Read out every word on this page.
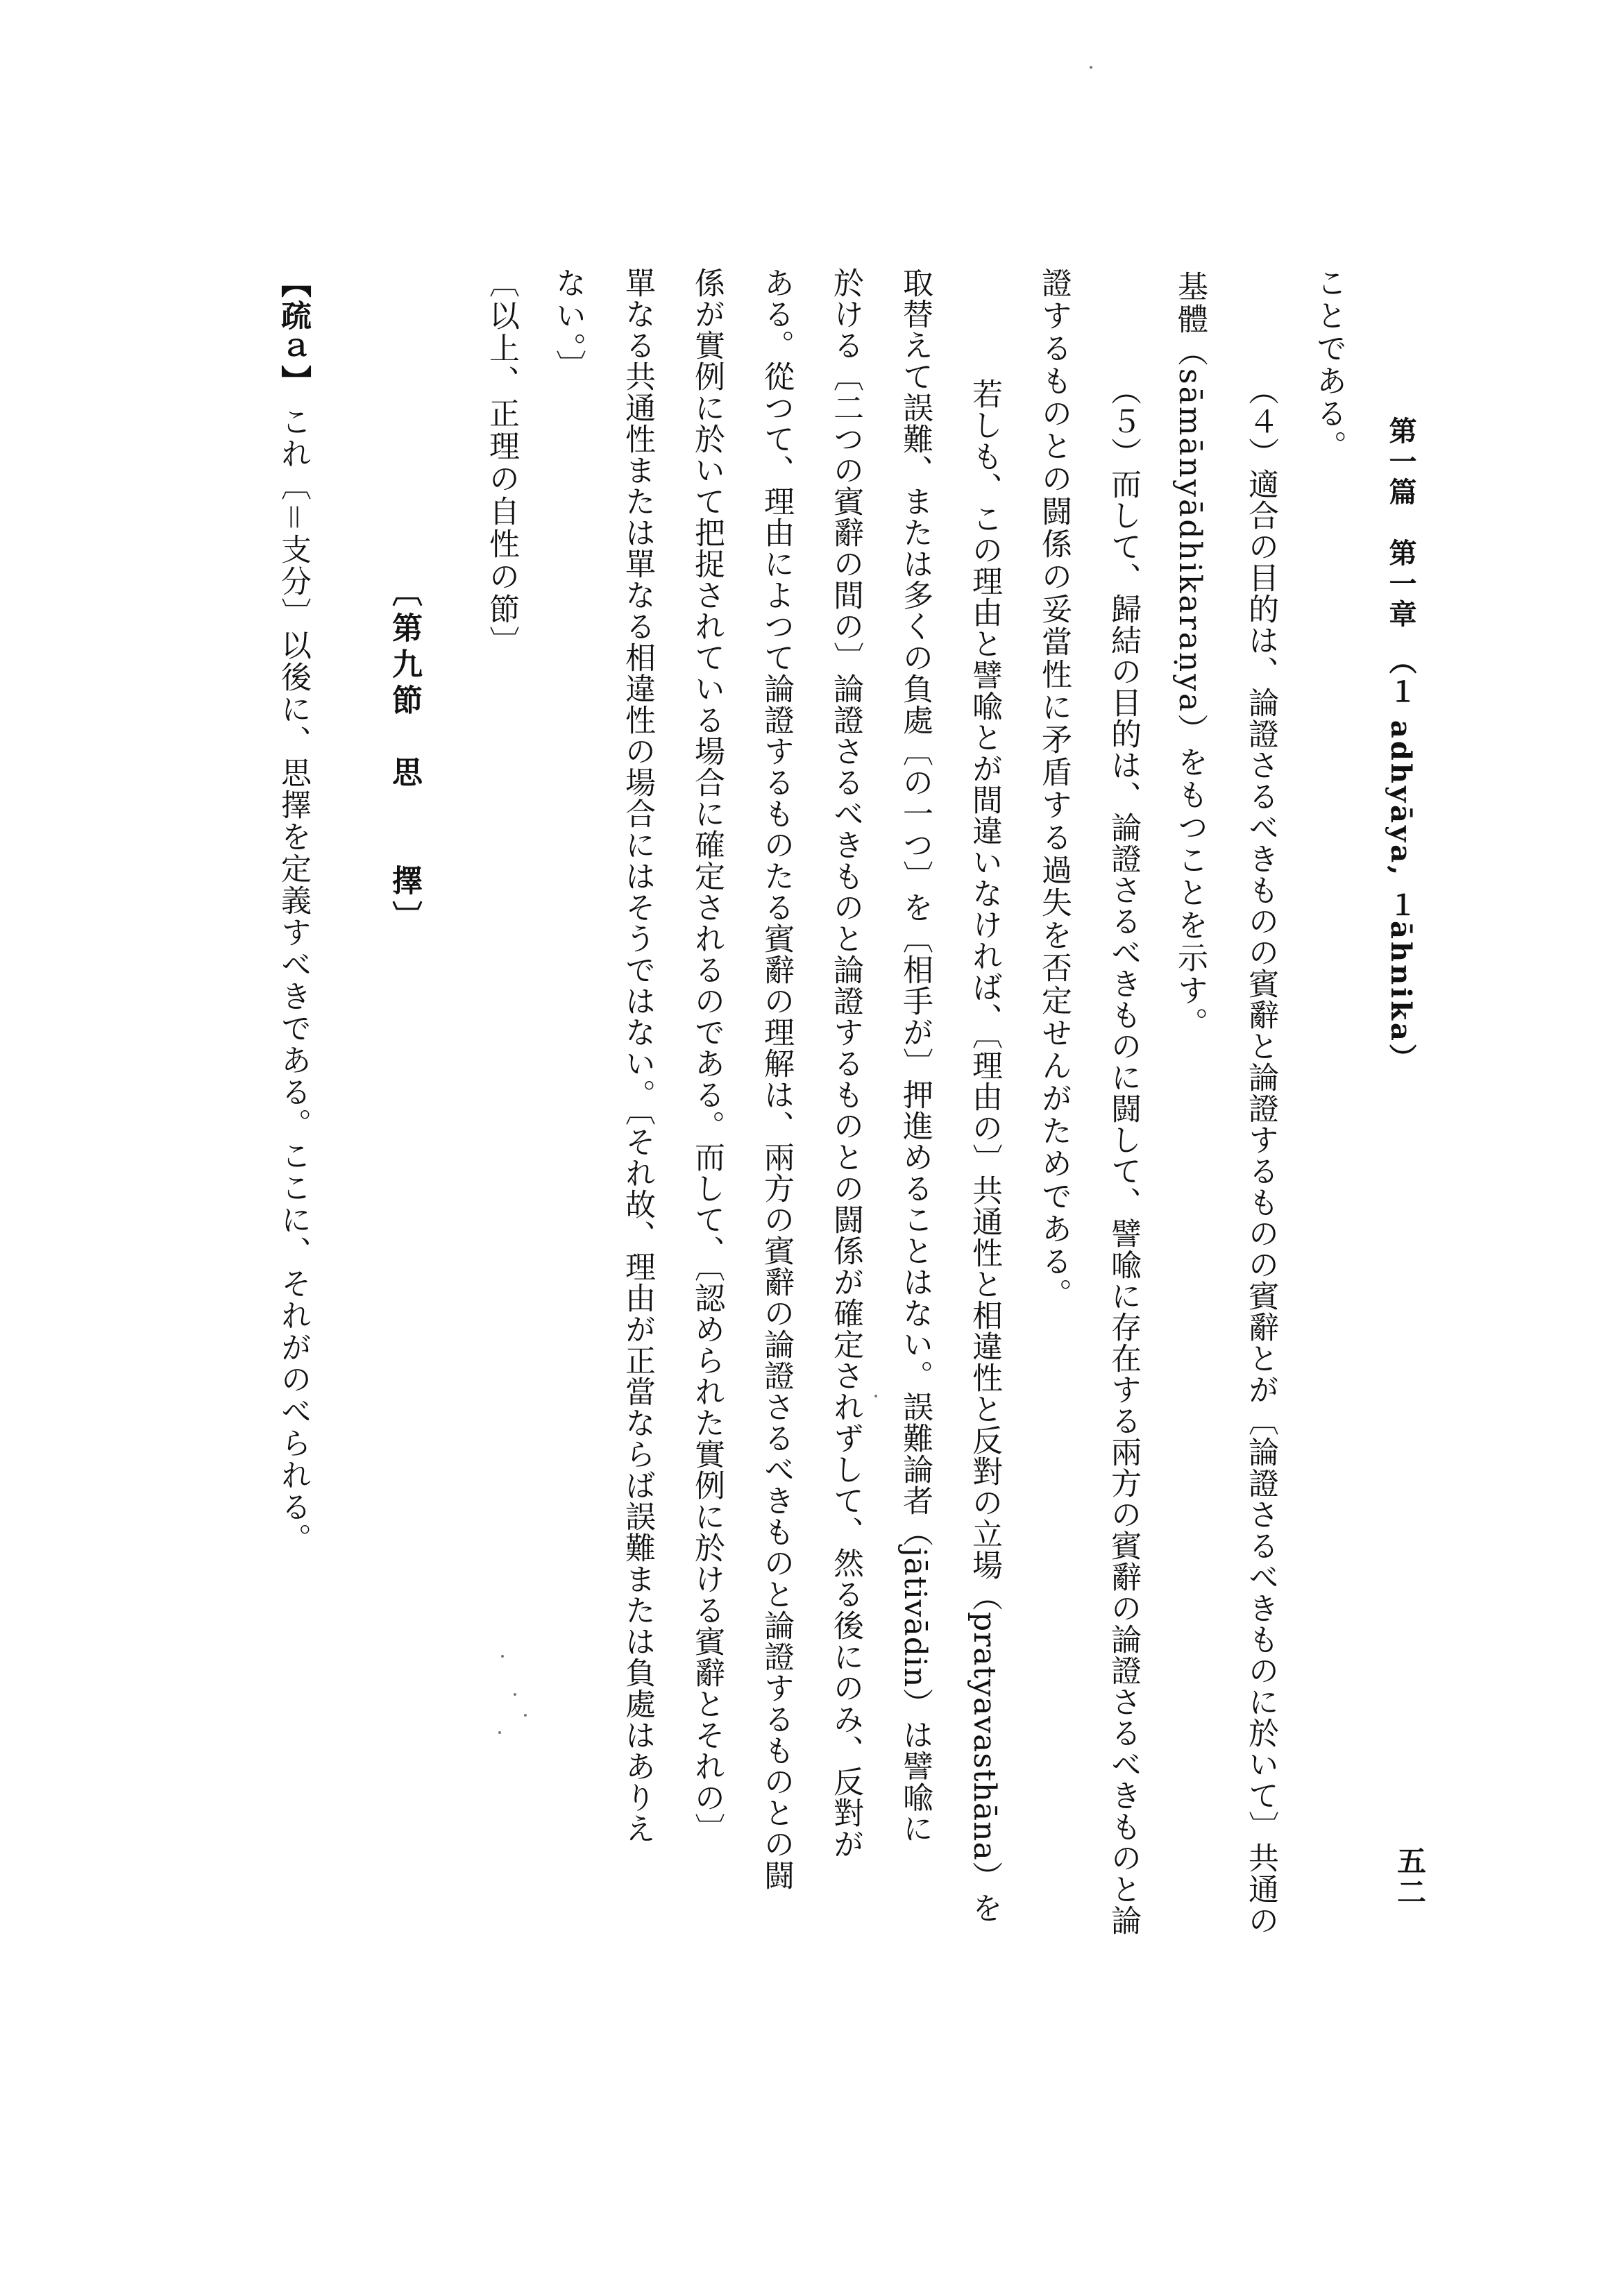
第一篇　第一章　（１ adhyāya, １āhnika）
五二
ことである。
（４）適合の目的は、論證さるべきものの賓辭と論證するものの賓辭とが〔論證さるべきものに於いて〕共通の
基體（sāmānyādhikaraṇya）をもつことを示す。
（５）而して、歸結の目的は、論證さるべきものに闘して、譬喩に存在する兩方の賓辭の論證さるべきものと論
證するものとの闘係の妥當性に矛盾する過失を否定せんがためである。
若しも、この理由と譬喩とが間違いなければ、〔理由の〕共通性と相違性と反對の立場（pratyavasthāna）を
取替えて誤難、または多くの負處〔の一つ〕を〔相手が〕押進めることはない。誤難論者（jātivādin）は譬喩に
於ける〔二つの賓辭の間の〕論證さるべきものと論證するものとの闘係が確定されずして、然る後にのみ、反對が
ある。從つて、理由によつて論證するものたる賓辭の理解は、兩方の賓辭の論證さるべきものと論證するものとの闘
係が實例に於いて把捉されている場合に確定されるのである。而して、〔認められた實例に於ける賓辭とそれの〕
單なる共通性または單なる相違性の場合にはそうではない。〔それ故、理由が正當ならば誤難または負處はありえ
ない。〕
〔以上、正理の自性の節〕
〔第九節　思　　擇〕
【疏ａ】
これ〔＝支分〕以後に、思擇を定義すべきである。ここに、それがのべられる。
